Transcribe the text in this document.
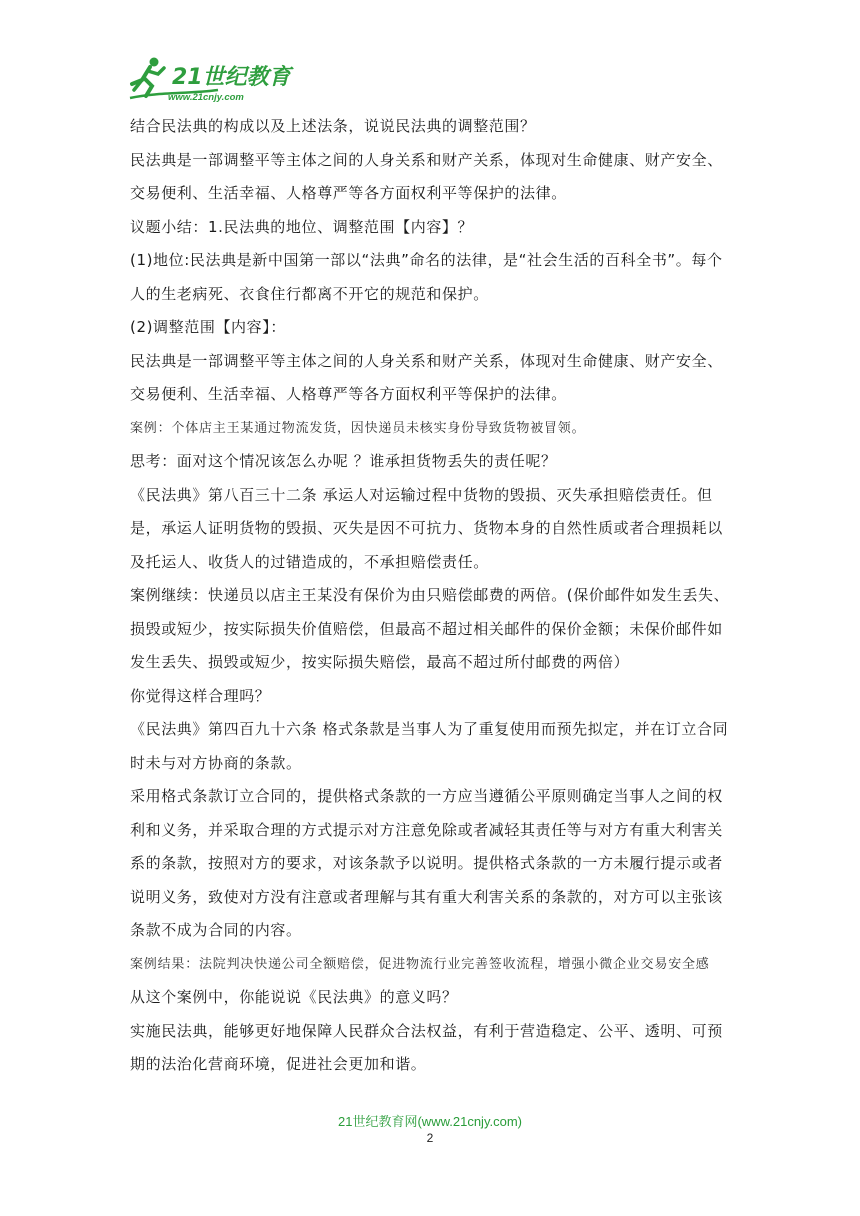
21世纪教育
www.21cnjy.com

结合民法典的构成以及上述法条，说说民法典的调整范围？

民法典是一部调整平等主体之间的人身关系和财产关系，体现对生命健康、财产安全、交易便利、生活幸福、人格尊严等各方面权利平等保护的法律。

议题小结：1.民法典的地位、调整范围【内容】？

(1)地位:民法典是新中国第一部以“法典”命名的法律，是“社会生活的百科全书”。每个人的生老病死、衣食住行都离不开它的规范和保护。

(2)调整范围【内容】：

民法典是一部调整平等主体之间的人身关系和财产关系，体现对生命健康、财产安全、交易便利、生活幸福、人格尊严等各方面权利平等保护的法律。

案例：个体店主王某通过物流发货，因快递员未核实身份导致货物被冒领。

思考：面对这个情况该怎么办呢 ？谁承担货物丢失的责任呢？

《民法典》第八百三十二条 承运人对运输过程中货物的毁损、灭失承担赔偿责任。但是，承运人证明货物的毁损、灭失是因不可抗力、货物本身的自然性质或者合理损耗以及托运人、收货人的过错造成的，不承担赔偿责任。

案例继续：快递员以店主王某没有保价为由只赔偿邮费的两倍。(保价邮件如发生丢失、损毁或短少，按实际损失价值赔偿，但最高不超过相关邮件的保价金额；未保价邮件如发生丢失、损毁或短少，按实际损失赔偿，最高不超过所付邮费的两倍）

你觉得这样合理吗？

《民法典》第四百九十六条 格式条款是当事人为了重复使用而预先拟定，并在订立合同时未与对方协商的条款。

采用格式条款订立合同的，提供格式条款的一方应当遵循公平原则确定当事人之间的权利和义务，并采取合理的方式提示对方注意免除或者减轻其责任等与对方有重大利害关系的条款，按照对方的要求，对该条款予以说明。提供格式条款的一方未履行提示或者说明义务，致使对方没有注意或者理解与其有重大利害关系的条款的，对方可以主张该条款不成为合同的内容。

案例结果：法院判决快递公司全额赔偿，促进物流行业完善签收流程，增强小微企业交易安全感

从这个案例中，你能说说《民法典》的意义吗？

实施民法典，能够更好地保障人民群众合法权益，有利于营造稳定、公平、透明、可预期的法治化营商环境，促进社会更加和谐。

21世纪教育网(www.21cnjy.com)
2
